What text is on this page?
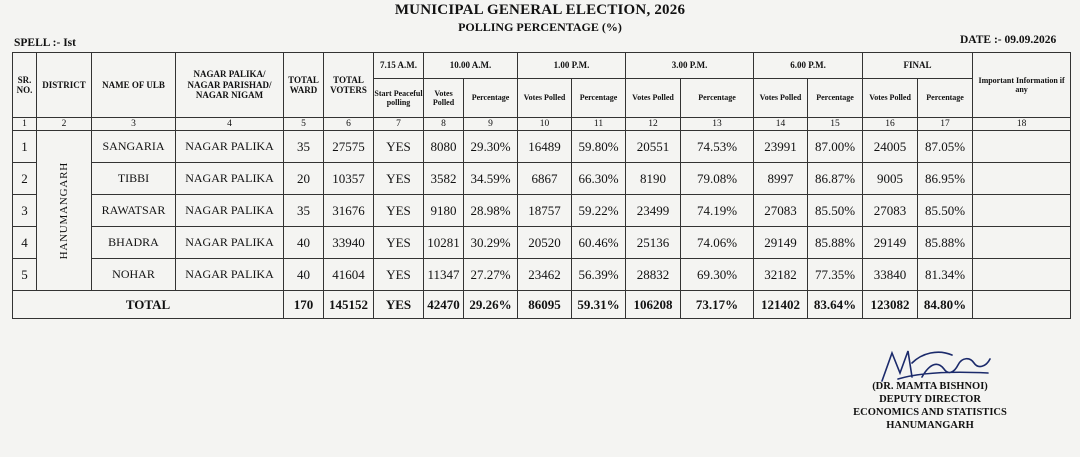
MUNICIPAL GENERAL ELECTION, 2026
POLLING PERCENTAGE (%)
SPELL :- Ist	DATE :- 09.09.2026
SR. NO.	DISTRICT	NAME OF ULB	NAGAR PALIKA/ NAGAR PARISHAD/ NAGAR NIGAM	TOTAL WARD	TOTAL VOTERS	7.15 A.M.	10.00 A.M.		1.00 P.M.		3.00 P.M.		6.00 P.M.		FINAL		Important Information if any
						Start Peaceful polling	Votes Polled	Percentage	Votes Polled	Percentage	Votes Polled	Percentage	Votes Polled	Percentage	Votes Polled	Percentage	
1	2	3	4	5	6	7	8	9	10	11	12	13	14	15	16	17	18
1	HANUMANGARH	SANGARIA	NAGAR PALIKA	35	27575	YES	8080	29.30%	16489	59.80%	20551	74.53%	23991	87.00%	24005	87.05%	
2		TIBBI	NAGAR PALIKA	20	10357	YES	3582	34.59%	6867	66.30%	8190	79.08%	8997	86.87%	9005	86.95%	
3		RAWATSAR	NAGAR PALIKA	35	31676	YES	9180	28.98%	18757	59.22%	23499	74.19%	27083	85.50%	27083	85.50%	
4		BHADRA	NAGAR PALIKA	40	33940	YES	10281	30.29%	20520	60.46%	25136	74.06%	29149	85.88%	29149	85.88%	
5		NOHAR	NAGAR PALIKA	40	41604	YES	11347	27.27%	23462	56.39%	28832	69.30%	32182	77.35%	33840	81.34%	
TOTAL				170	145152	YES	42470	29.26%	86095	59.31%	106208	73.17%	121402	83.64%	123082	84.80%	
(DR. MAMTA BISHNOI)
DEPUTY DIRECTOR
ECONOMICS AND STATISTICS
HANUMANGARH
